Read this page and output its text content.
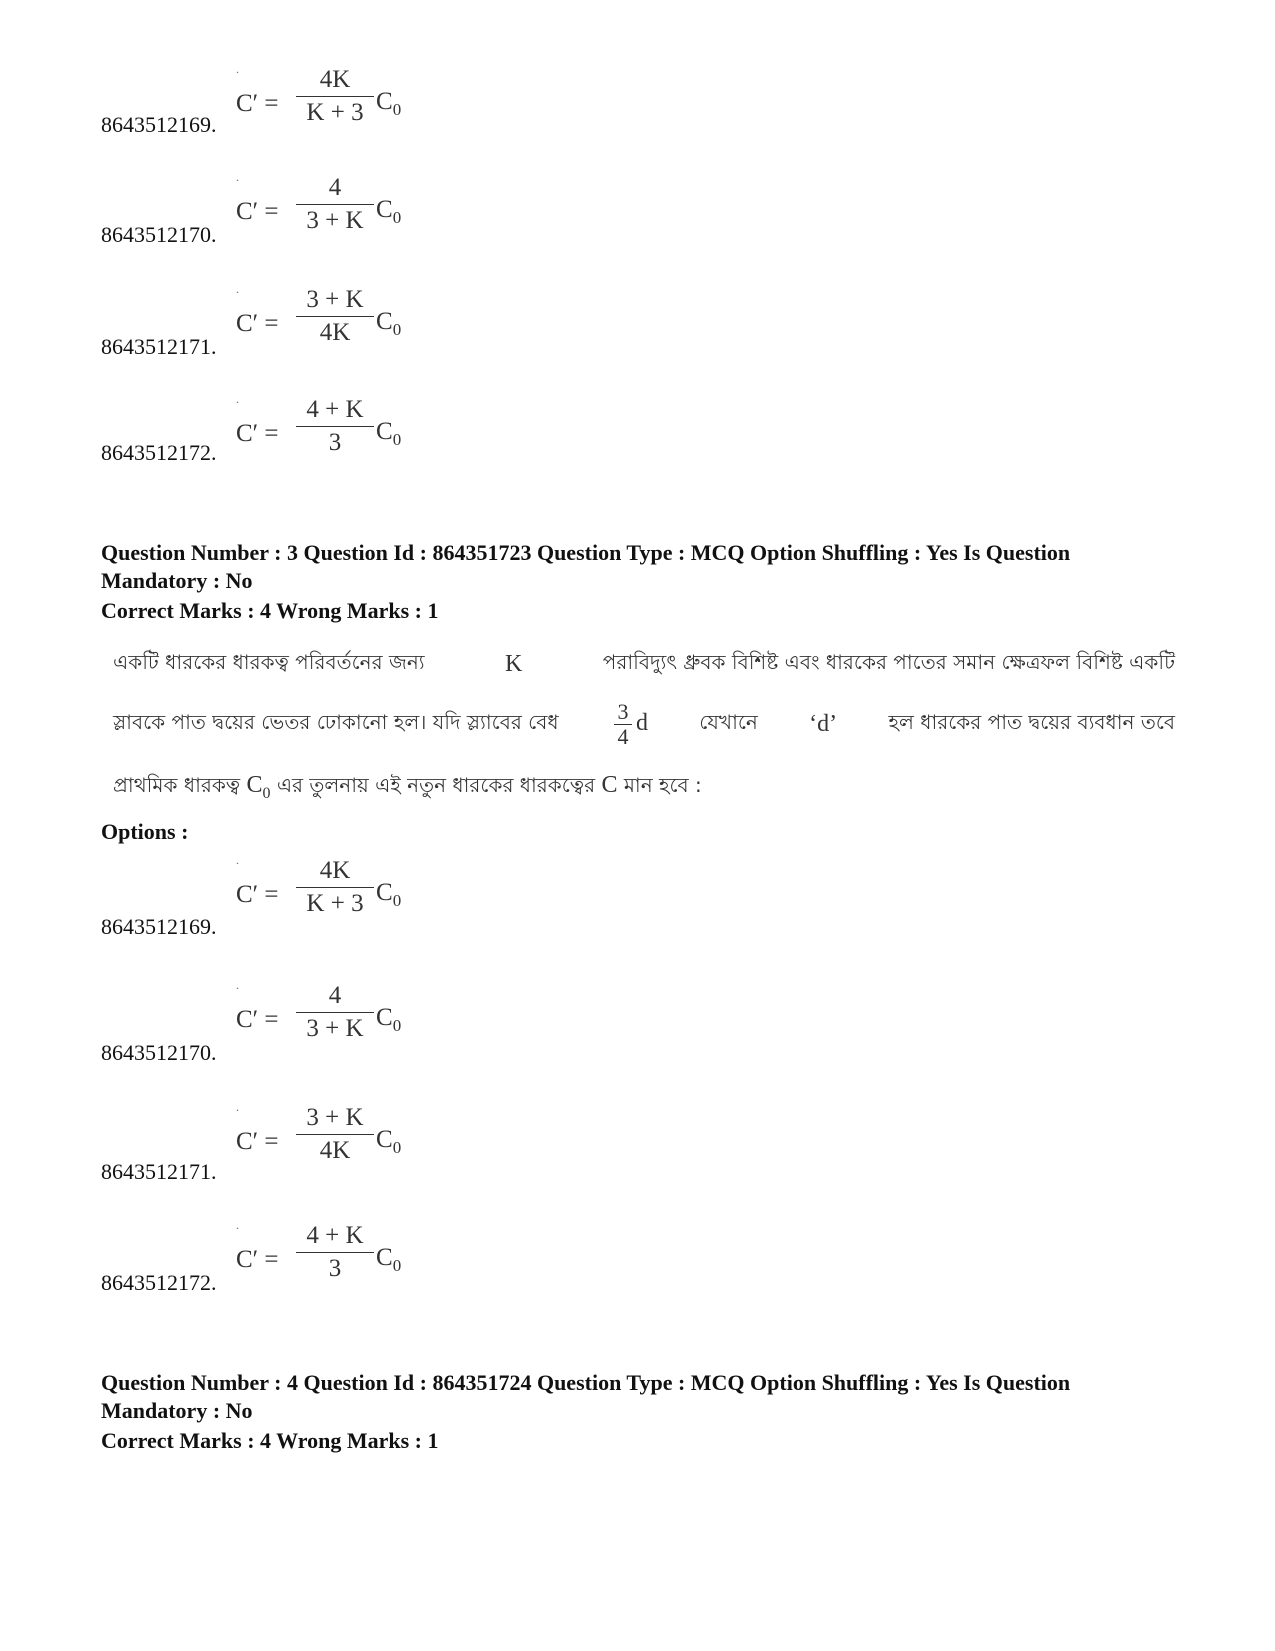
.
C′ =
4K
K + 3 $C_0$
8643512169.
.
C′ =
4
3 + K $C_0$
8643512170.
.
C′ =
3 + K
4K	$C_0$
8643512171.
.
C′ =
4 + K
3	$C_0$
8643512172.
Question Number : 3 Question Id : 864351723 Question Type : MCQ Option Shuffling : Yes Is Question
Mandatory : No
Correct Marks : 4 Wrong Marks : 1
একটি ধারকের ধারকত্ব পরিবর্তনের জন্য	K	পরাবিদ্যুৎ ধ্রুবক বিশিষ্ট এবং ধারকের পাতের সমান ক্ষেত্রফল বিশিষ্ট একটি
স্লাবকে পাত দ্বয়ের ভেতর ঢোকানো হল। যদি স্ল্যাবের বেধ	$\frac{3}{4}$ d	যেখানে ‘d’	হল ধারকের পাত দ্বয়ের ব্যবধান তবে
প্রাথমিক ধারকত্ব $C_0$ এর তুলনায় এই নতুন ধারকের ধারকত্বের C মান হবে :
Options :
.
C′ =
4K
K + 3 $C_0$
8643512169.
.
C′ =
4
3 + K $C_0$
8643512170.
.
C′ =
3 + K
4K	$C_0$
8643512171.
.
C′ =
4 + K
3	$C_0$
8643512172.
Question Number : 4 Question Id : 864351724 Question Type : MCQ Option Shuffling : Yes Is Question
Mandatory : No
Correct Marks : 4 Wrong Marks : 1
